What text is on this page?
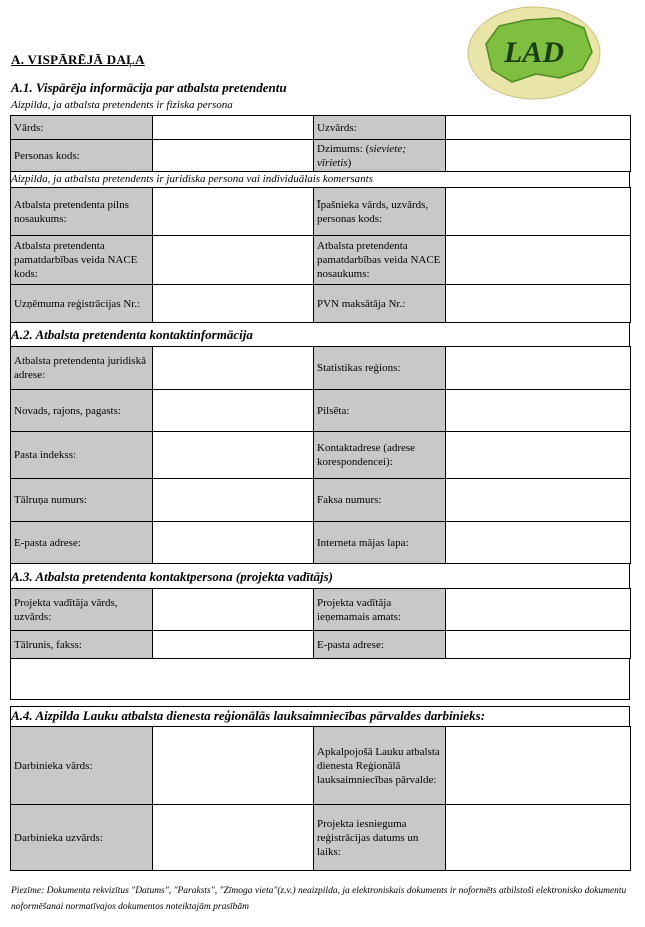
LAD
A. VISPĀRĒJĀ DAĻA
A.1. Vispārēja informācija par atbalsta pretendentu
Aizpilda, ja atbalsta pretendents ir fiziska persona
Vārds:		Uzvārds:	
Personas kods:		Dzimums: (sieviete; vīrietis)	
Aizpilda, ja atbalsta pretendents ir juridiska persona vai individuālais komersants
Atbalsta pretendenta pilns nosaukums:		Īpašnieka vārds, uzvārds, personas kods:	
Atbalsta pretendenta pamatdarbības veida NACE kods:		Atbalsta pretendenta pamatdarbības veida NACE nosaukums:	
Uzņēmuma reģistrācijas Nr.:		PVN maksātāja Nr.:	
A.2. Atbalsta pretendenta kontaktinformācija
Atbalsta pretendenta juridiskā adrese:		Statistikas reģions:	
Novads, rajons, pagasts:		Pilsēta:	
Pasta indekss:		Kontaktadrese (adrese korespondencei):	
Tālruņa numurs:		Faksa numurs:	
E-pasta adrese:		Interneta mājas lapa:	
A.3. Atbalsta pretendenta kontaktpersona (projekta vadītājs)
Projekta vadītāja vārds, uzvārds:		Projekta vadītāja ieņemamais amats:	
Tālrunis, fakss:		E-pasta adrese:	
A.4. Aizpilda Lauku atbalsta dienesta reģionālās lauksaimniecības pārvaldes darbinieks:
Darbinieka vārds:		Apkalpojošā Lauku atbalsta dienesta Reģionālā lauksaimniecības pārvalde:	
Darbinieka uzvārds:		Projekta iesnieguma reģistrācijas datums un laiks:	
Piezīme: Dokumenta rekvizītus "Datums", "Paraksts", "Zīmoga vieta"(z.v.) neaizpilda, ja elektroniskais dokuments ir noformēts atbilstoši elektronisko dokumentu noformēšanai normatīvajos dokumentos noteiktajām prasībām
